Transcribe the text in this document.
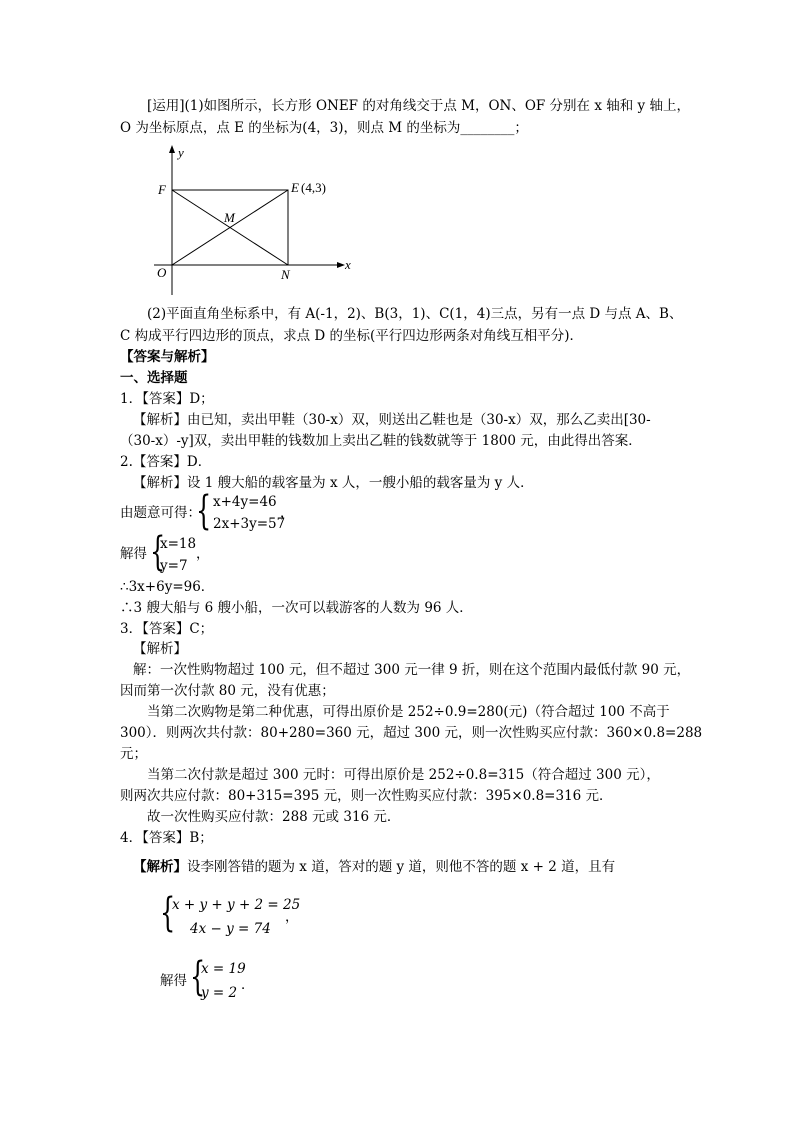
[运用](1)如图所示，长方形 ONEF 的对角线交于点 M，ON、OF 分别在 x 轴和 y 轴上，
O 为坐标原点，点 E 的坐标为(4，3)，则点 M 的坐标为________；
y
x
F	E (4,3)
M
O	N
(2)平面直角坐标系中，有 A(-1，2)、B(3，1)、C(1，4)三点，另有一点 D 与点 A、B、
C 构成平行四边形的顶点，求点 D 的坐标(平行四边形两条对角线互相平分)．
【答案与解析】
一、选择题
1．【答案】D；
【解析】由已知，卖出甲鞋（30-x）双，则送出乙鞋也是（30-x）双，那么乙卖出[30-
（30-x）-y]双，卖出甲鞋的钱数加上卖出乙鞋的钱数就等于 1800 元，由此得出答案．
2.【答案】D．
【解析】设 1 艘大船的载客量为 x 人，一艘小船的载客量为 y 人．
由题意可得：
{ x+4y=46
2x+3y=57
，
解得 {
x=18
y=7
，
∴3x+6y=96．
∴3 艘大船与 6 艘小船，一次可以载游客的人数为 96 人．
3．【答案】C；
【解析】
解：一次性购物超过 100 元，但不超过 300 元一律 9 折，则在这个范围内最低付款 90 元，
因而第一次付款 80 元，没有优惠；
当第二次购物是第二种优惠，可得出原价是 252÷0.9=280(元)（符合超过 100 不高于
300）．则两次共付款：80+280=360 元，超过 300 元，则一次性购买应付款：360×0.8=288
元；
当第二次付款是超过 300 元时：可得出原价是 252÷0.8=315（符合超过 300 元），
则两次共应付款：80+315=395 元，则一次性购买应付款：395×0.8=316 元．
故一次性购买应付款：288 元或 316 元．
4．【答案】B；
【解析】设李刚答错的题为 x 道，答对的题 y 道，则他不答的题 x + 2 道，且有
{
x + y + y + 2 = 25
4x − y = 74
，
解得 {
x = 19
y = 2 ．
